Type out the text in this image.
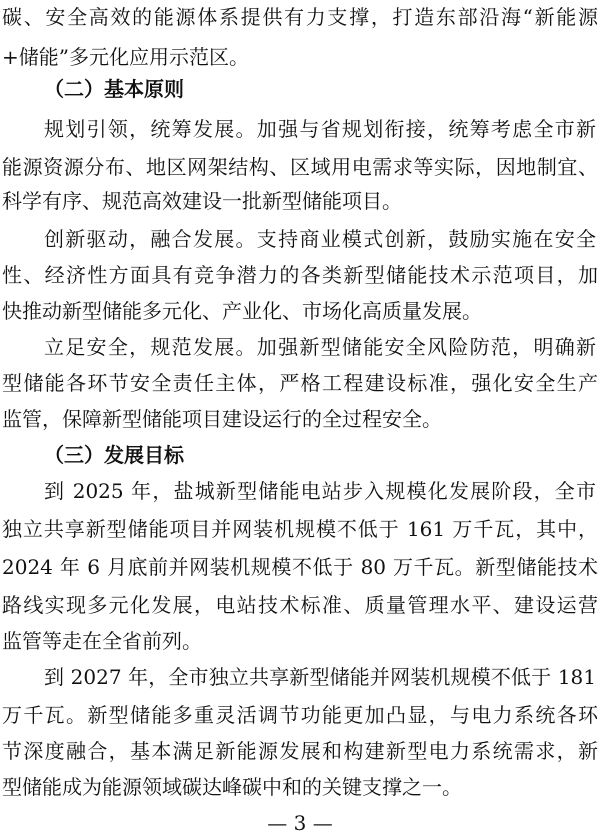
碳、安全高效的能源体系提供有力支撑，打造东部沿海“新能源
+储能”多元化应用示范区。
（二）基本原则
规划引领，统筹发展。加强与省规划衔接，统筹考虑全市新
能源资源分布、地区网架结构、区域用电需求等实际，因地制宜、
科学有序、规范高效建设一批新型储能项目。
创新驱动，融合发展。支持商业模式创新，鼓励实施在安全
性、经济性方面具有竞争潜力的各类新型储能技术示范项目，加
快推动新型储能多元化、产业化、市场化高质量发展。
立足安全，规范发展。加强新型储能安全风险防范，明确新
型储能各环节安全责任主体，严格工程建设标准，强化安全生产
监管，保障新型储能项目建设运行的全过程安全。
（三）发展目标
到 2025 年，盐城新型储能电站步入规模化发展阶段，全市
独立共享新型储能项目并网装机规模不低于 161 万千瓦，其中，
2024 年 6 月底前并网装机规模不低于 80 万千瓦。新型储能技术
路线实现多元化发展，电站技术标准、质量管理水平、建设运营
监管等走在全省前列。
到 2027 年，全市独立共享新型储能并网装机规模不低于 181
万千瓦。新型储能多重灵活调节功能更加凸显，与电力系统各环
节深度融合，基本满足新能源发展和构建新型电力系统需求，新
型储能成为能源领域碳达峰碳中和的关键支撑之一。
— 3 —
